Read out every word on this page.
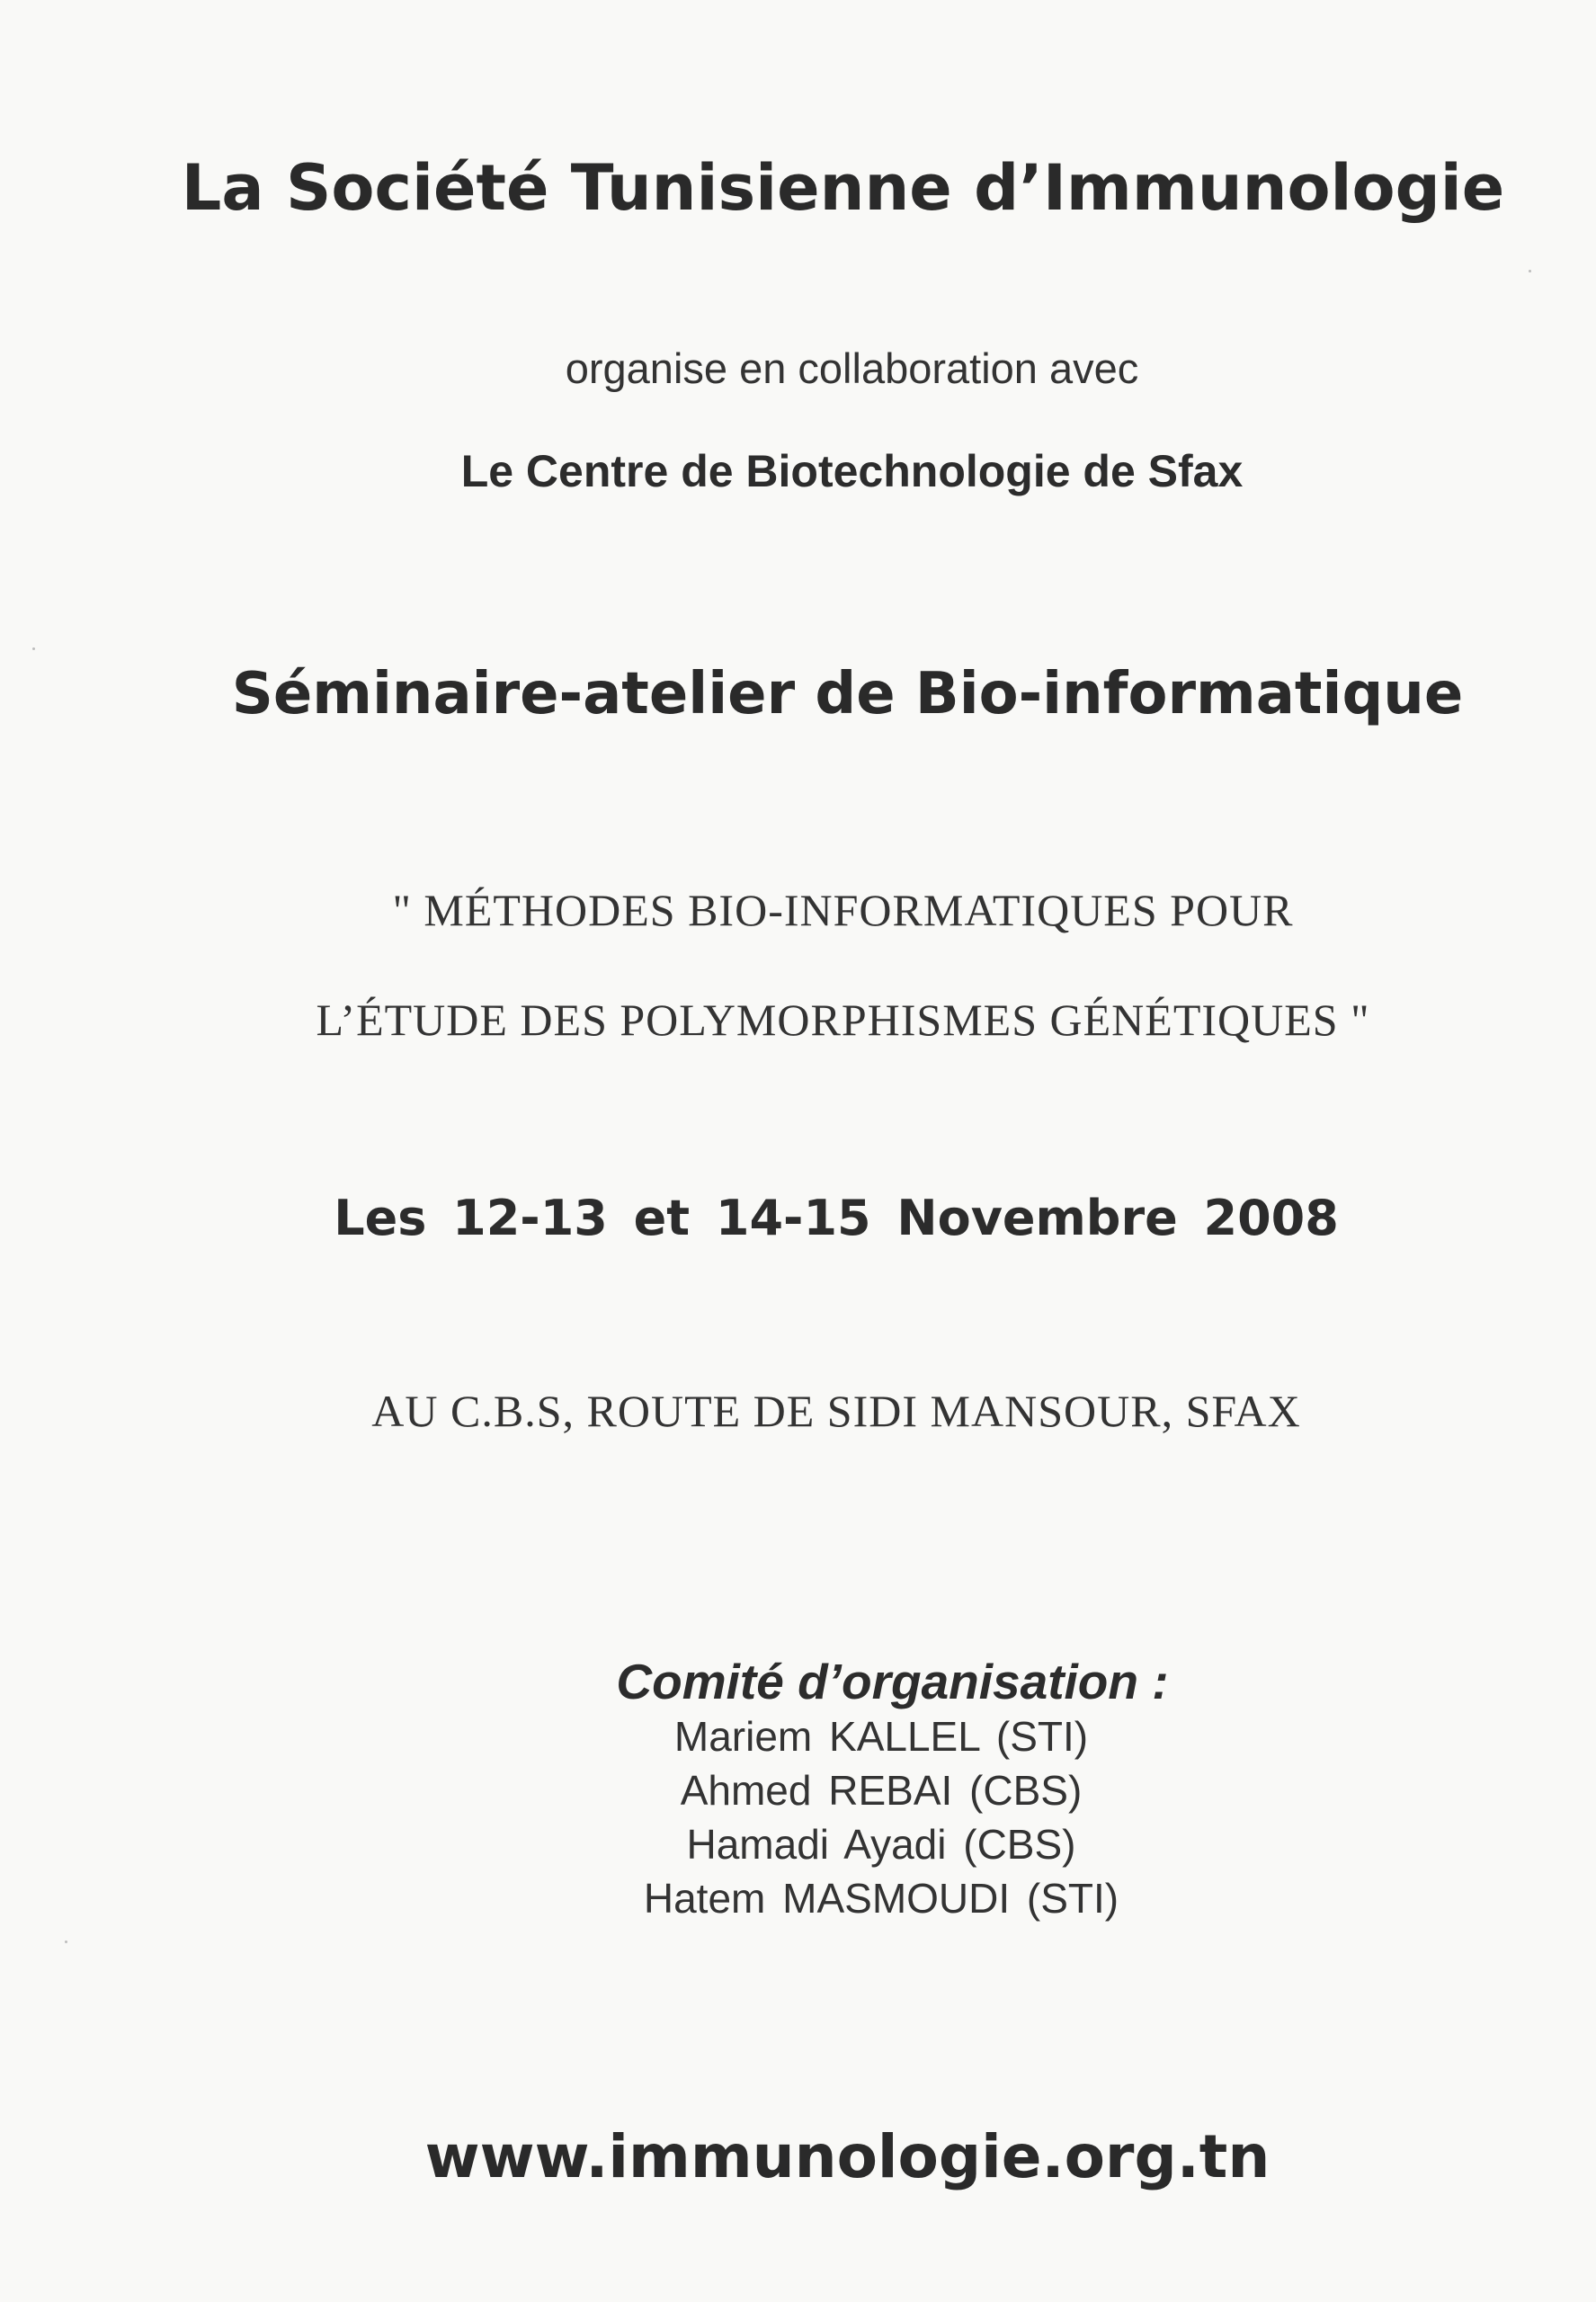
La Société Tunisienne d’Immunologie
organise en collaboration avec
Le Centre de Biotechnologie de Sfax
Séminaire-atelier de Bio-informatique
" MÉTHODES BIO-INFORMATIQUES POUR
L’ÉTUDE DES POLYMORPHISMES GÉNÉTIQUES "
Les 12-13 et 14-15 Novembre 2008
AU C.B.S, ROUTE DE SIDI MANSOUR, SFAX
Comité d’organisation :
Mariem KALLEL (STI)
Ahmed REBAI (CBS)
Hamadi Ayadi (CBS)
Hatem MASMOUDI (STI)
www.immunologie.org.tn
